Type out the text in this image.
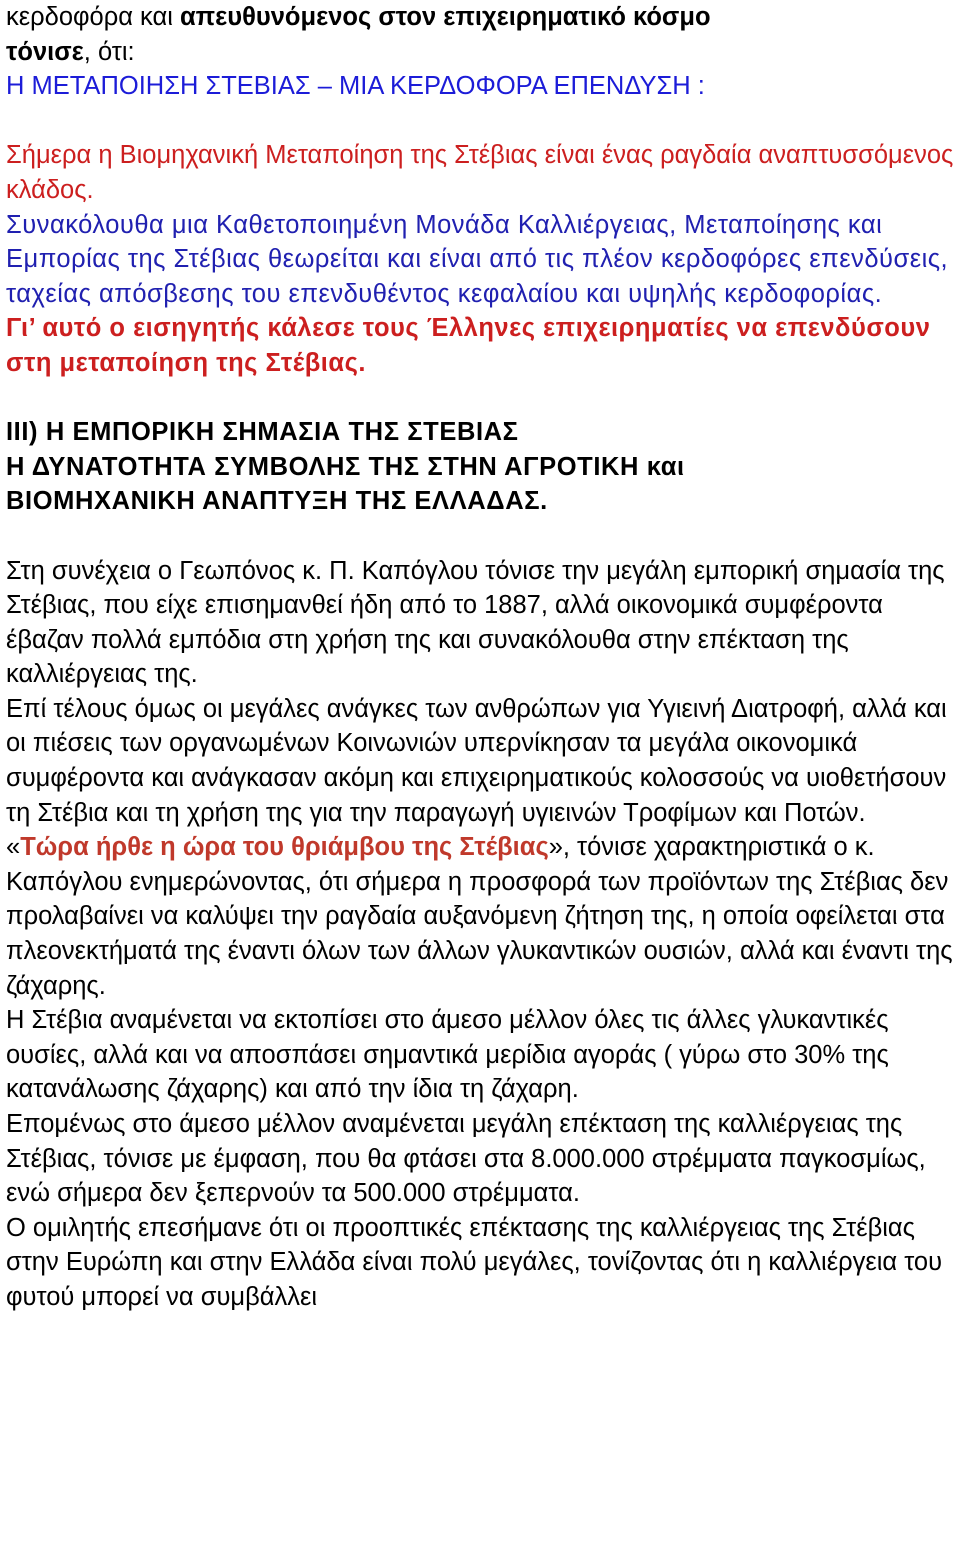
κερδοφόρα και απευθυνόμενος στον επιχειρηματικό κόσμο

τόνισε, ότι:

Η ΜΕΤΑΠΟΙΗΣΗ ΣΤΕΒΙΑΣ – ΜΙΑ ΚΕΡΔΟΦΟΡΑ ΕΠΕΝΔΥΣΗ :

Σήμερα η Βιομηχανική Μεταποίηση της Στέβιας είναι ένας ραγδαία αναπτυσσόμενος κλάδος.

Συνακόλουθα μια Καθετοποιημένη Μονάδα Καλλιέργειας, Μεταποίησης και Εμπορίας της Στέβιας θεωρείται και είναι από τις πλέον κερδοφόρες επενδύσεις, ταχείας απόσβεσης του επενδυθέντος κεφαλαίου και υψηλής κερδοφορίας.

Γι’ αυτό ο εισηγητής κάλεσε τους Έλληνες επιχειρηματίες να επενδύσουν στη μεταποίηση της Στέβιας.

III) Η ΕΜΠΟΡΙΚΗ ΣΗΜΑΣΙΑ ΤΗΣ ΣΤΕΒΙΑΣ

Η ΔΥΝΑΤΟΤΗΤΑ ΣΥΜΒΟΛΗΣ ΤΗΣ ΣΤΗΝ ΑΓΡΟΤΙΚΗ και

ΒΙΟΜΗΧΑΝΙΚΗ ΑΝΑΠΤΥΞΗ ΤΗΣ ΕΛΛΑΔΑΣ.

Στη συνέχεια ο Γεωπόνος κ. Π. Καπόγλου τόνισε την μεγάλη εμπορική σημασία της Στέβιας, που είχε επισημανθεί ήδη από το 1887, αλλά οικονομικά συμφέροντα έβαζαν πολλά εμπόδια στη χρήση της και συνακόλουθα στην επέκταση της καλλιέργειας της.

Επί τέλους όμως οι μεγάλες ανάγκες των ανθρώπων για Υγιεινή Διατροφή, αλλά και οι πιέσεις των οργανωμένων Κοινωνιών υπερνίκησαν τα μεγάλα οικονομικά συμφέροντα και ανάγκασαν ακόμη και επιχειρηματικούς κολοσσούς να υιοθετήσουν τη Στέβια και τη χρήση της για την παραγωγή υγιεινών Τροφίμων και Ποτών.

«Τώρα ήρθε η ώρα του θριάμβου της Στέβιας», τόνισε χαρακτηριστικά ο κ. Καπόγλου ενημερώνοντας, ότι σήμερα η προσφορά των προϊόντων της Στέβιας δεν προλαβαίνει να καλύψει την ραγδαία αυξανόμενη ζήτηση της, η οποία οφείλεται στα πλεονεκτήματά της έναντι όλων των άλλων γλυκαντικών ουσιών, αλλά και έναντι της ζάχαρης.

Η Στέβια αναμένεται να εκτοπίσει στο άμεσο μέλλον όλες τις άλλες γλυκαντικές ουσίες, αλλά και να αποσπάσει σημαντικά μερίδια αγοράς ( γύρω στο 30% της κατανάλωσης ζάχαρης) και από την ίδια τη ζάχαρη.

Επομένως στο άμεσο μέλλον αναμένεται μεγάλη επέκταση της καλλιέργειας της Στέβιας, τόνισε με έμφαση, που θα φτάσει στα 8.000.000 στρέμματα παγκοσμίως, ενώ σήμερα δεν ξεπερνούν τα 500.000 στρέμματα.

Ο ομιλητής επεσήμανε ότι οι προοπτικές επέκτασης της καλλιέργειας της Στέβιας στην Ευρώπη και στην Ελλάδα είναι πολύ μεγάλες, τονίζοντας ότι η καλλιέργεια του φυτού μπορεί να συμβάλλει
